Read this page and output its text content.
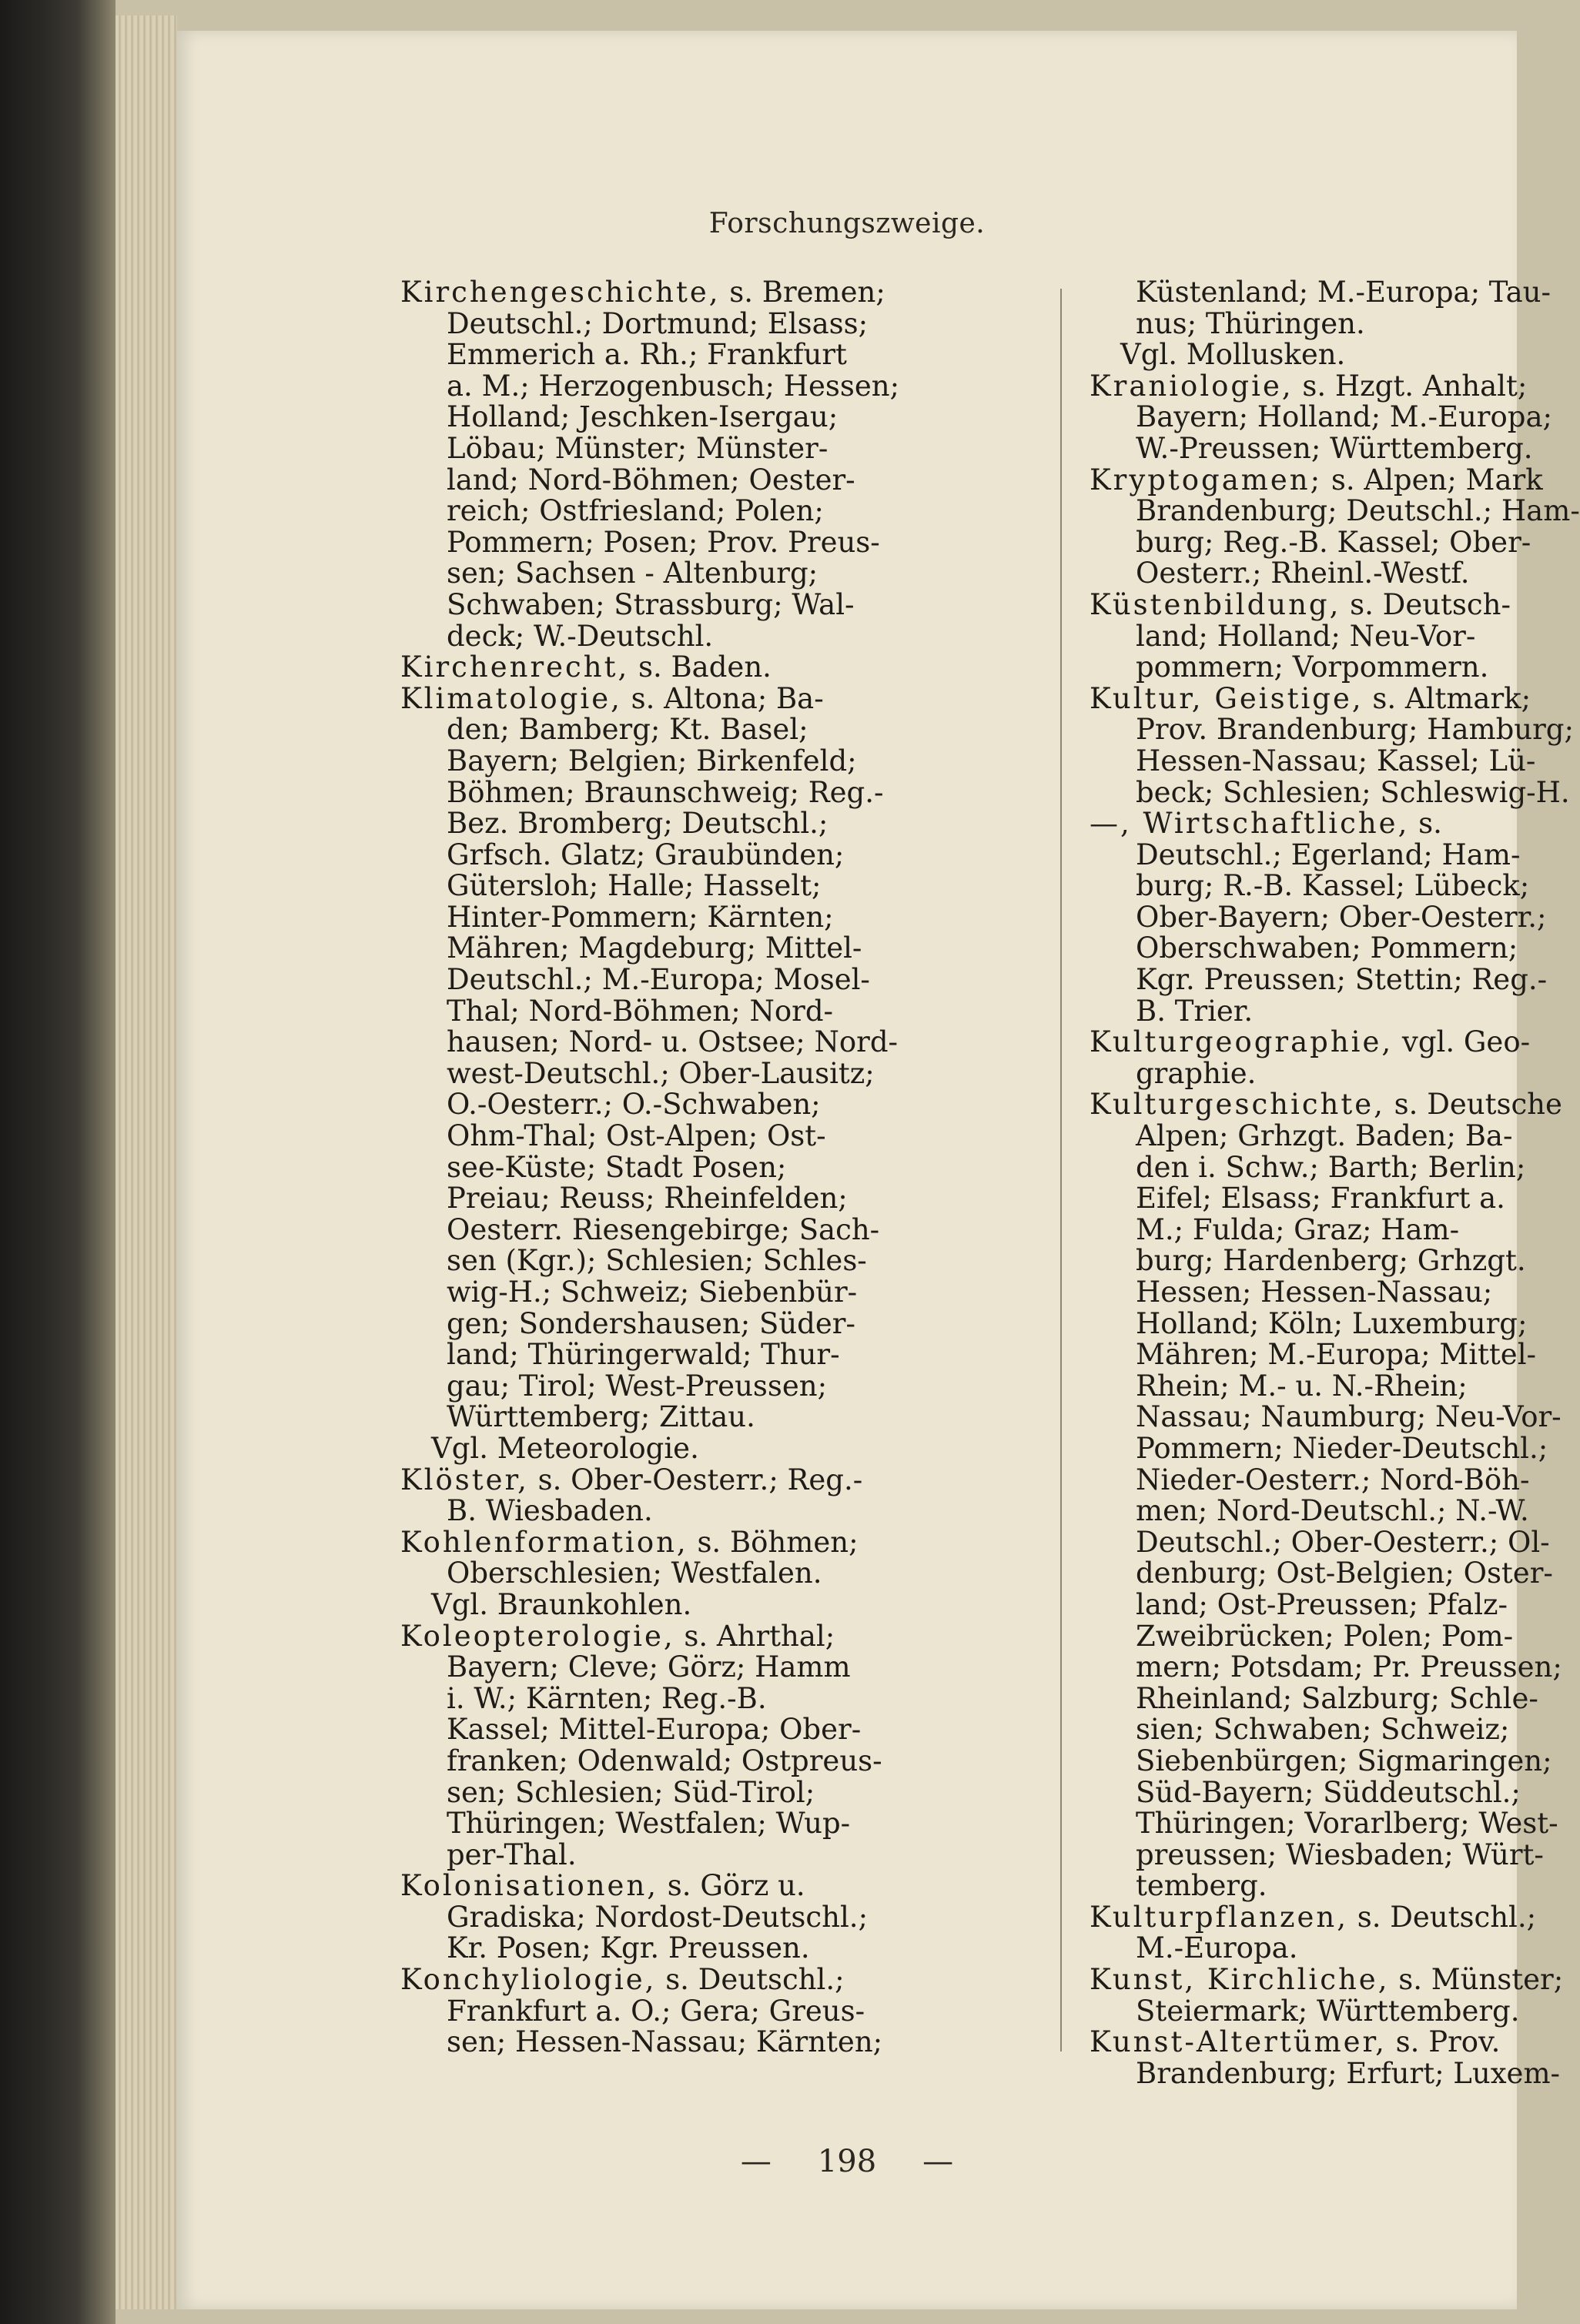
Forschungszweige.
Kirchengeschichte, s. Bremen;
Deutschl.; Dortmund; Elsass;
Emmerich a. Rh.; Frankfurt
a. M.; Herzogenbusch; Hessen;
Holland; Jeschken-Isergau;
Löbau; Münster; Münster-
land; Nord-Böhmen; Oester-
reich; Ostfriesland; Polen;
Pommern; Posen; Prov. Preus-
sen; Sachsen - Altenburg;
Schwaben; Strassburg; Wal-
deck; W.-Deutschl.
Kirchenrecht, s. Baden.
Klimatologie, s. Altona; Ba-
den; Bamberg; Kt. Basel;
Bayern; Belgien; Birkenfeld;
Böhmen; Braunschweig; Reg.-
Bez. Bromberg; Deutschl.;
Grfsch. Glatz; Graubünden;
Gütersloh; Halle; Hasselt;
Hinter-Pommern; Kärnten;
Mähren; Magdeburg; Mittel-
Deutschl.; M.-Europa; Mosel-
Thal; Nord-Böhmen; Nord-
hausen; Nord- u. Ostsee; Nord-
west-Deutschl.; Ober-Lausitz;
O.-Oesterr.; O.-Schwaben;
Ohm-Thal; Ost-Alpen; Ost-
see-Küste; Stadt Posen;
Preiau; Reuss; Rheinfelden;
Oesterr. Riesengebirge; Sach-
sen (Kgr.); Schlesien; Schles-
wig-H.; Schweiz; Siebenbür-
gen; Sondershausen; Süder-
land; Thüringerwald; Thur-
gau; Tirol; West-Preussen;
Württemberg; Zittau.
Vgl. Meteorologie.
Klöster, s. Ober-Oesterr.; Reg.-
B. Wiesbaden.
Kohlenformation, s. Böhmen;
Oberschlesien; Westfalen.
Vgl. Braunkohlen.
Koleopterologie, s. Ahrthal;
Bayern; Cleve; Görz; Hamm
i. W.; Kärnten; Reg.-B.
Kassel; Mittel-Europa; Ober-
franken; Odenwald; Ostpreus-
sen; Schlesien; Süd-Tirol;
Thüringen; Westfalen; Wup-
per-Thal.
Kolonisationen, s. Görz u.
Gradiska; Nordost-Deutschl.;
Kr. Posen; Kgr. Preussen.
Konchyliologie, s. Deutschl.;
Frankfurt a. O.; Gera; Greus-
sen; Hessen-Nassau; Kärnten;
Küstenland; M.-Europa; Tau-
nus; Thüringen.
Vgl. Mollusken.
Kraniologie, s. Hzgt. Anhalt;
Bayern; Holland; M.-Europa;
W.-Preussen; Württemberg.
Kryptogamen; s. Alpen; Mark
Brandenburg; Deutschl.; Ham-
burg; Reg.-B. Kassel; Ober-
Oesterr.; Rheinl.-Westf.
Küstenbildung, s. Deutsch-
land; Holland; Neu-Vor-
pommern; Vorpommern.
Kultur, Geistige, s. Altmark;
Prov. Brandenburg; Hamburg;
Hessen-Nassau; Kassel; Lü-
beck; Schlesien; Schleswig-H.
—, Wirtschaftliche, s.
Deutschl.; Egerland; Ham-
burg; R.-B. Kassel; Lübeck;
Ober-Bayern; Ober-Oesterr.;
Oberschwaben; Pommern;
Kgr. Preussen; Stettin; Reg.-
B. Trier.
Kulturgeographie, vgl. Geo-
graphie.
Kulturgeschichte, s. Deutsche
Alpen; Grhzgt. Baden; Ba-
den i. Schw.; Barth; Berlin;
Eifel; Elsass; Frankfurt a.
M.; Fulda; Graz; Ham-
burg; Hardenberg; Grhzgt.
Hessen; Hessen-Nassau;
Holland; Köln; Luxemburg;
Mähren; M.-Europa; Mittel-
Rhein; M.- u. N.-Rhein;
Nassau; Naumburg; Neu-Vor-
Pommern; Nieder-Deutschl.;
Nieder-Oesterr.; Nord-Böh-
men; Nord-Deutschl.; N.-W.
Deutschl.; Ober-Oesterr.; Ol-
denburg; Ost-Belgien; Oster-
land; Ost-Preussen; Pfalz-
Zweibrücken; Polen; Pom-
mern; Potsdam; Pr. Preussen;
Rheinland; Salzburg; Schle-
sien; Schwaben; Schweiz;
Siebenbürgen; Sigmaringen;
Süd-Bayern; Süddeutschl.;
Thüringen; Vorarlberg; West-
preussen; Wiesbaden; Würt-
temberg.
Kulturpflanzen, s. Deutschl.;
M.-Europa.
Kunst, Kirchliche, s. Münster;
Steiermark; Württemberg.
Kunst-Altertümer, s. Prov.
Brandenburg; Erfurt; Luxem-
— 198 —
